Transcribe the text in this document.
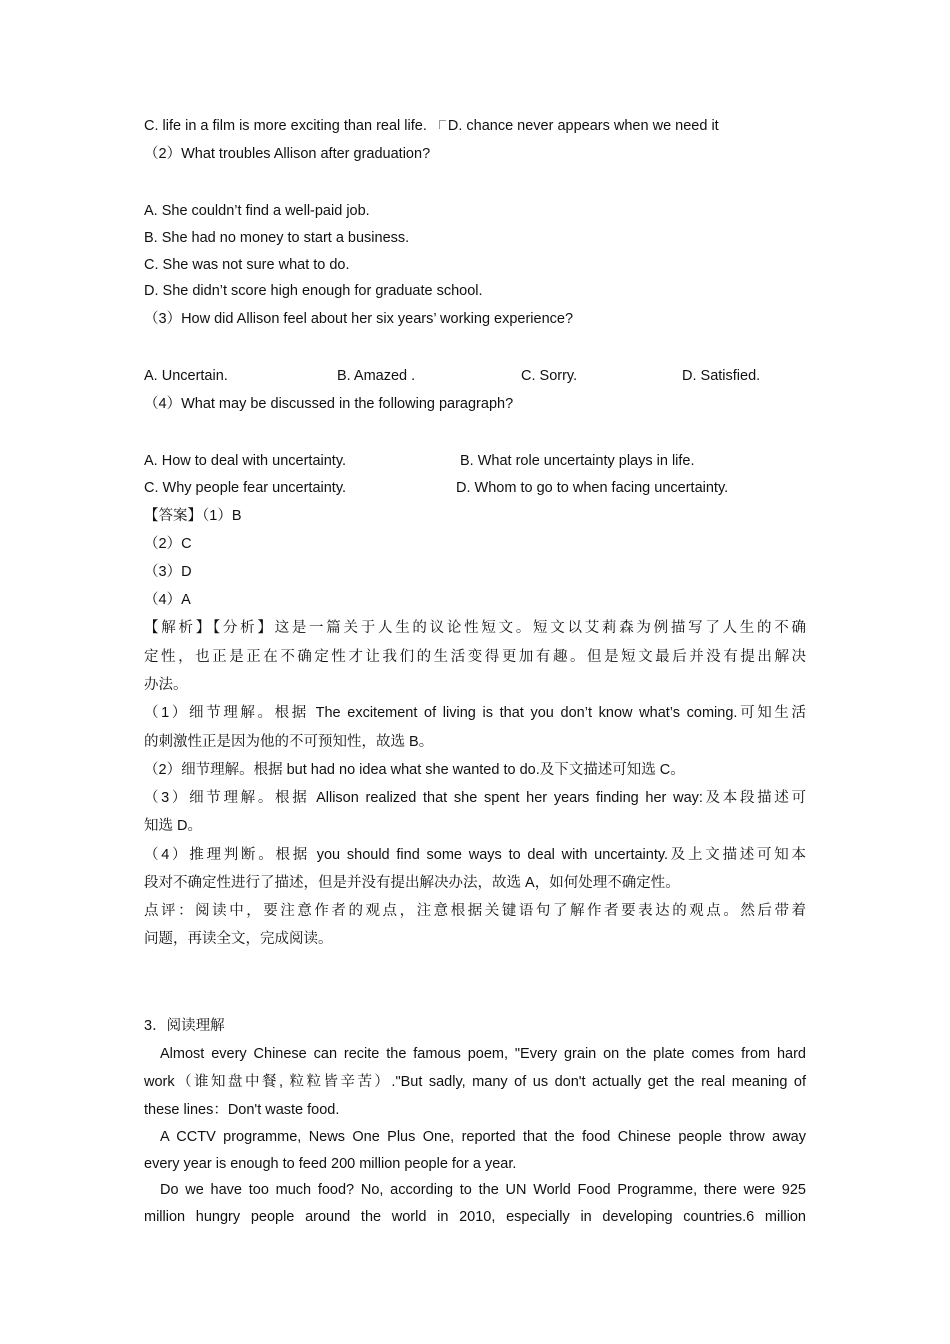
C. life in a film is more exciting than real life. D. chance never appears when we need it
（2）What troubles Allison after graduation?
A. She couldn’t find a well-paid job.
B. She had no money to start a business.
C. She was not sure what to do.
D. She didn’t score high enough for graduate school.
（3）How did Allison feel about her six years’ working experience?
A. Uncertain.	B. Amazed .	C. Sorry.	D. Satisfied.
（4）What may be discussed in the following paragraph?
A. How to deal with uncertainty.	B. What role uncertainty plays in life.
C. Why people fear uncertainty.	D. Whom to go to when facing uncertainty.
【答案】（1）B
（2）C
（3）D
（4）A
【解析】【分析】这是一篇关于人生的议论性短文。短文以艾莉森为例描写了人生的不确
定性，也正是正在不确定性才让我们的生活变得更加有趣。但是短文最后并没有提出解决
办法。
（1）细节理解。根据 The excitement of living is that you don’t know what’s coming.可知生活
的刺激性正是因为他的不可预知性，故选 B。
（2）细节理解。根据 but had no idea what she wanted to do.及下文描述可知选 C。
（3）细节理解。根据 Allison realized that she spent her years finding her way:及本段描述可
知选 D。
（4）推理判断。根据 you should find some ways to deal with uncertainty.及上文描述可知本
段对不确定性进行了描述，但是并没有提出解决办法，故选 A，如何处理不确定性。
点评：阅读中，要注意作者的观点，注意根据关键语句了解作者要表达的观点。然后带着
问题，再读全文，完成阅读。
3．阅读理解
Almost every Chinese can recite the famous poem, "Every grain on the plate comes from hard
work（谁知盘中餐, 粒粒皆辛苦）."But sadly, many of us don't actually get the real meaning of
these lines：Don't waste food.
A CCTV programme, News One Plus One, reported that the food Chinese people throw away
every year is enough to feed 200 million people for a year.
Do we have too much food? No, according to the UN World Food Programme, there were 925
million hungry people around the world in 2010, especially in developing countries.6 million
